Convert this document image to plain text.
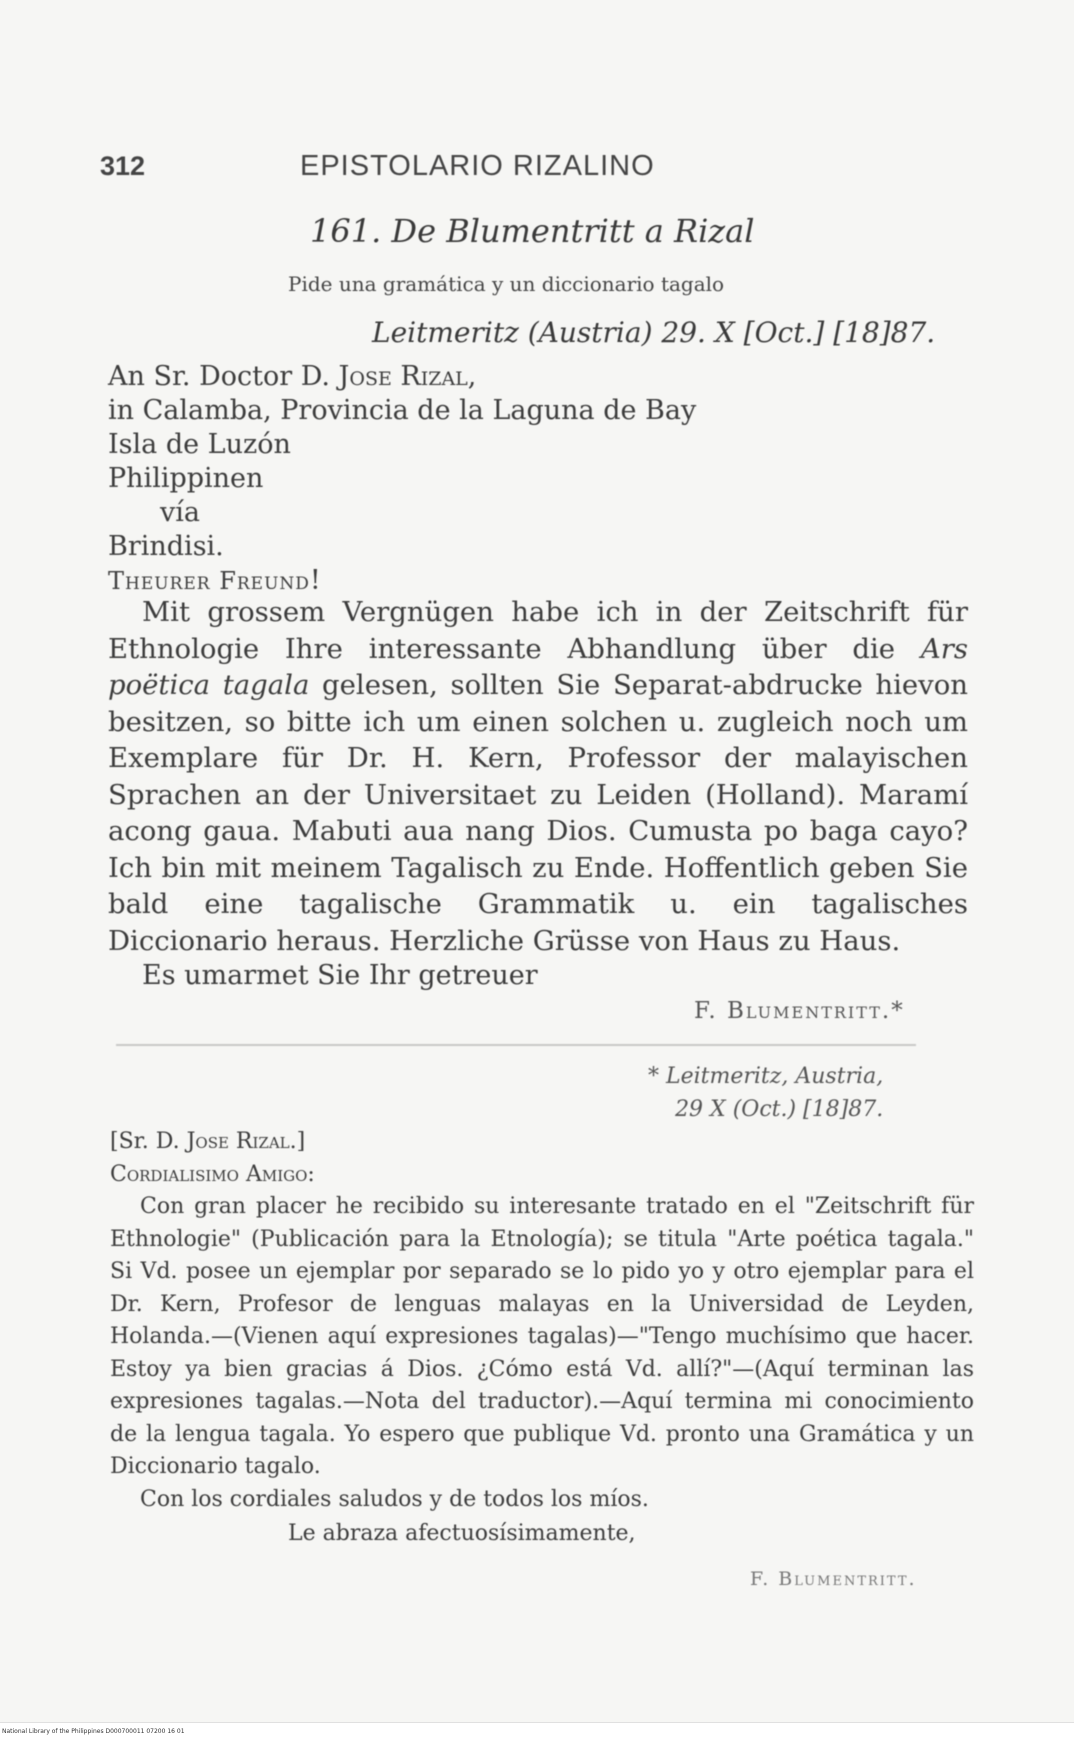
312	EPISTOLARIO RIZALINO
161. De Blumentritt a Rizal
Pide una gramática y un diccionario tagalo
Leitmeritz (Austria) 29. X [Oct.] [18]87.
An Sr. Doctor D. Jose Rizal,
in Calamba, Provincia de la Laguna de Bay
Isla de Luzón
Philippinen
vía
Brindisi.
Theurer Freund!

Mit grossem Vergnügen habe ich in der Zeitschrift für Ethnologie Ihre interessante Abhandlung über die Ars poëtica tagala gelesen, sollten Sie Separat-abdrucke hievon besitzen, so bitte ich um einen solchen u. zugleich noch um Exemplare für Dr. H. Kern, Professor der malayischen Sprachen an der Universitaet zu Leiden (Holland). Maramí acong gaua. Mabuti aua nang Dios. Cumusta po baga cayo? Ich bin mit meinem Tagalisch zu Ende. Hoffentlich geben Sie bald eine tagalische Grammatik u. ein tagalisches Diccionario heraus. Herzliche Grüsse von Haus zu Haus.

Es umarmet Sie Ihr getreuer
F. Blumentritt.*
* Leitmeritz, Austria,
29 X (Oct.) [18]87.
[Sr. D. Jose Rizal.]
Cordialisimo Amigo:

Con gran placer he recibido su interesante tratado en el "Zeitschrift für Ethnologie" (Publicación para la Etnología); se titula "Arte poética tagala." Si Vd. posee un ejemplar por separado se lo pido yo y otro ejemplar para el Dr. Kern, Profesor de lenguas malayas en la Universidad de Leyden, Holanda.—(Vienen aquí expresiones tagalas)—"Tengo muchísimo que hacer. Estoy ya bien gracias á Dios. ¿Cómo está Vd. allí?"—(Aquí terminan las expresiones tagalas.—Nota del traductor).—Aquí termina mi conocimiento de la lengua tagala. Yo espero que publique Vd. pronto una Gramática y un Diccionario tagalo.

Con los cordiales saludos y de todos los míos.

Le abraza afectuosísimamente,
F. Blumentritt.
National Library of the Philippines D000700011 07200 16 01
